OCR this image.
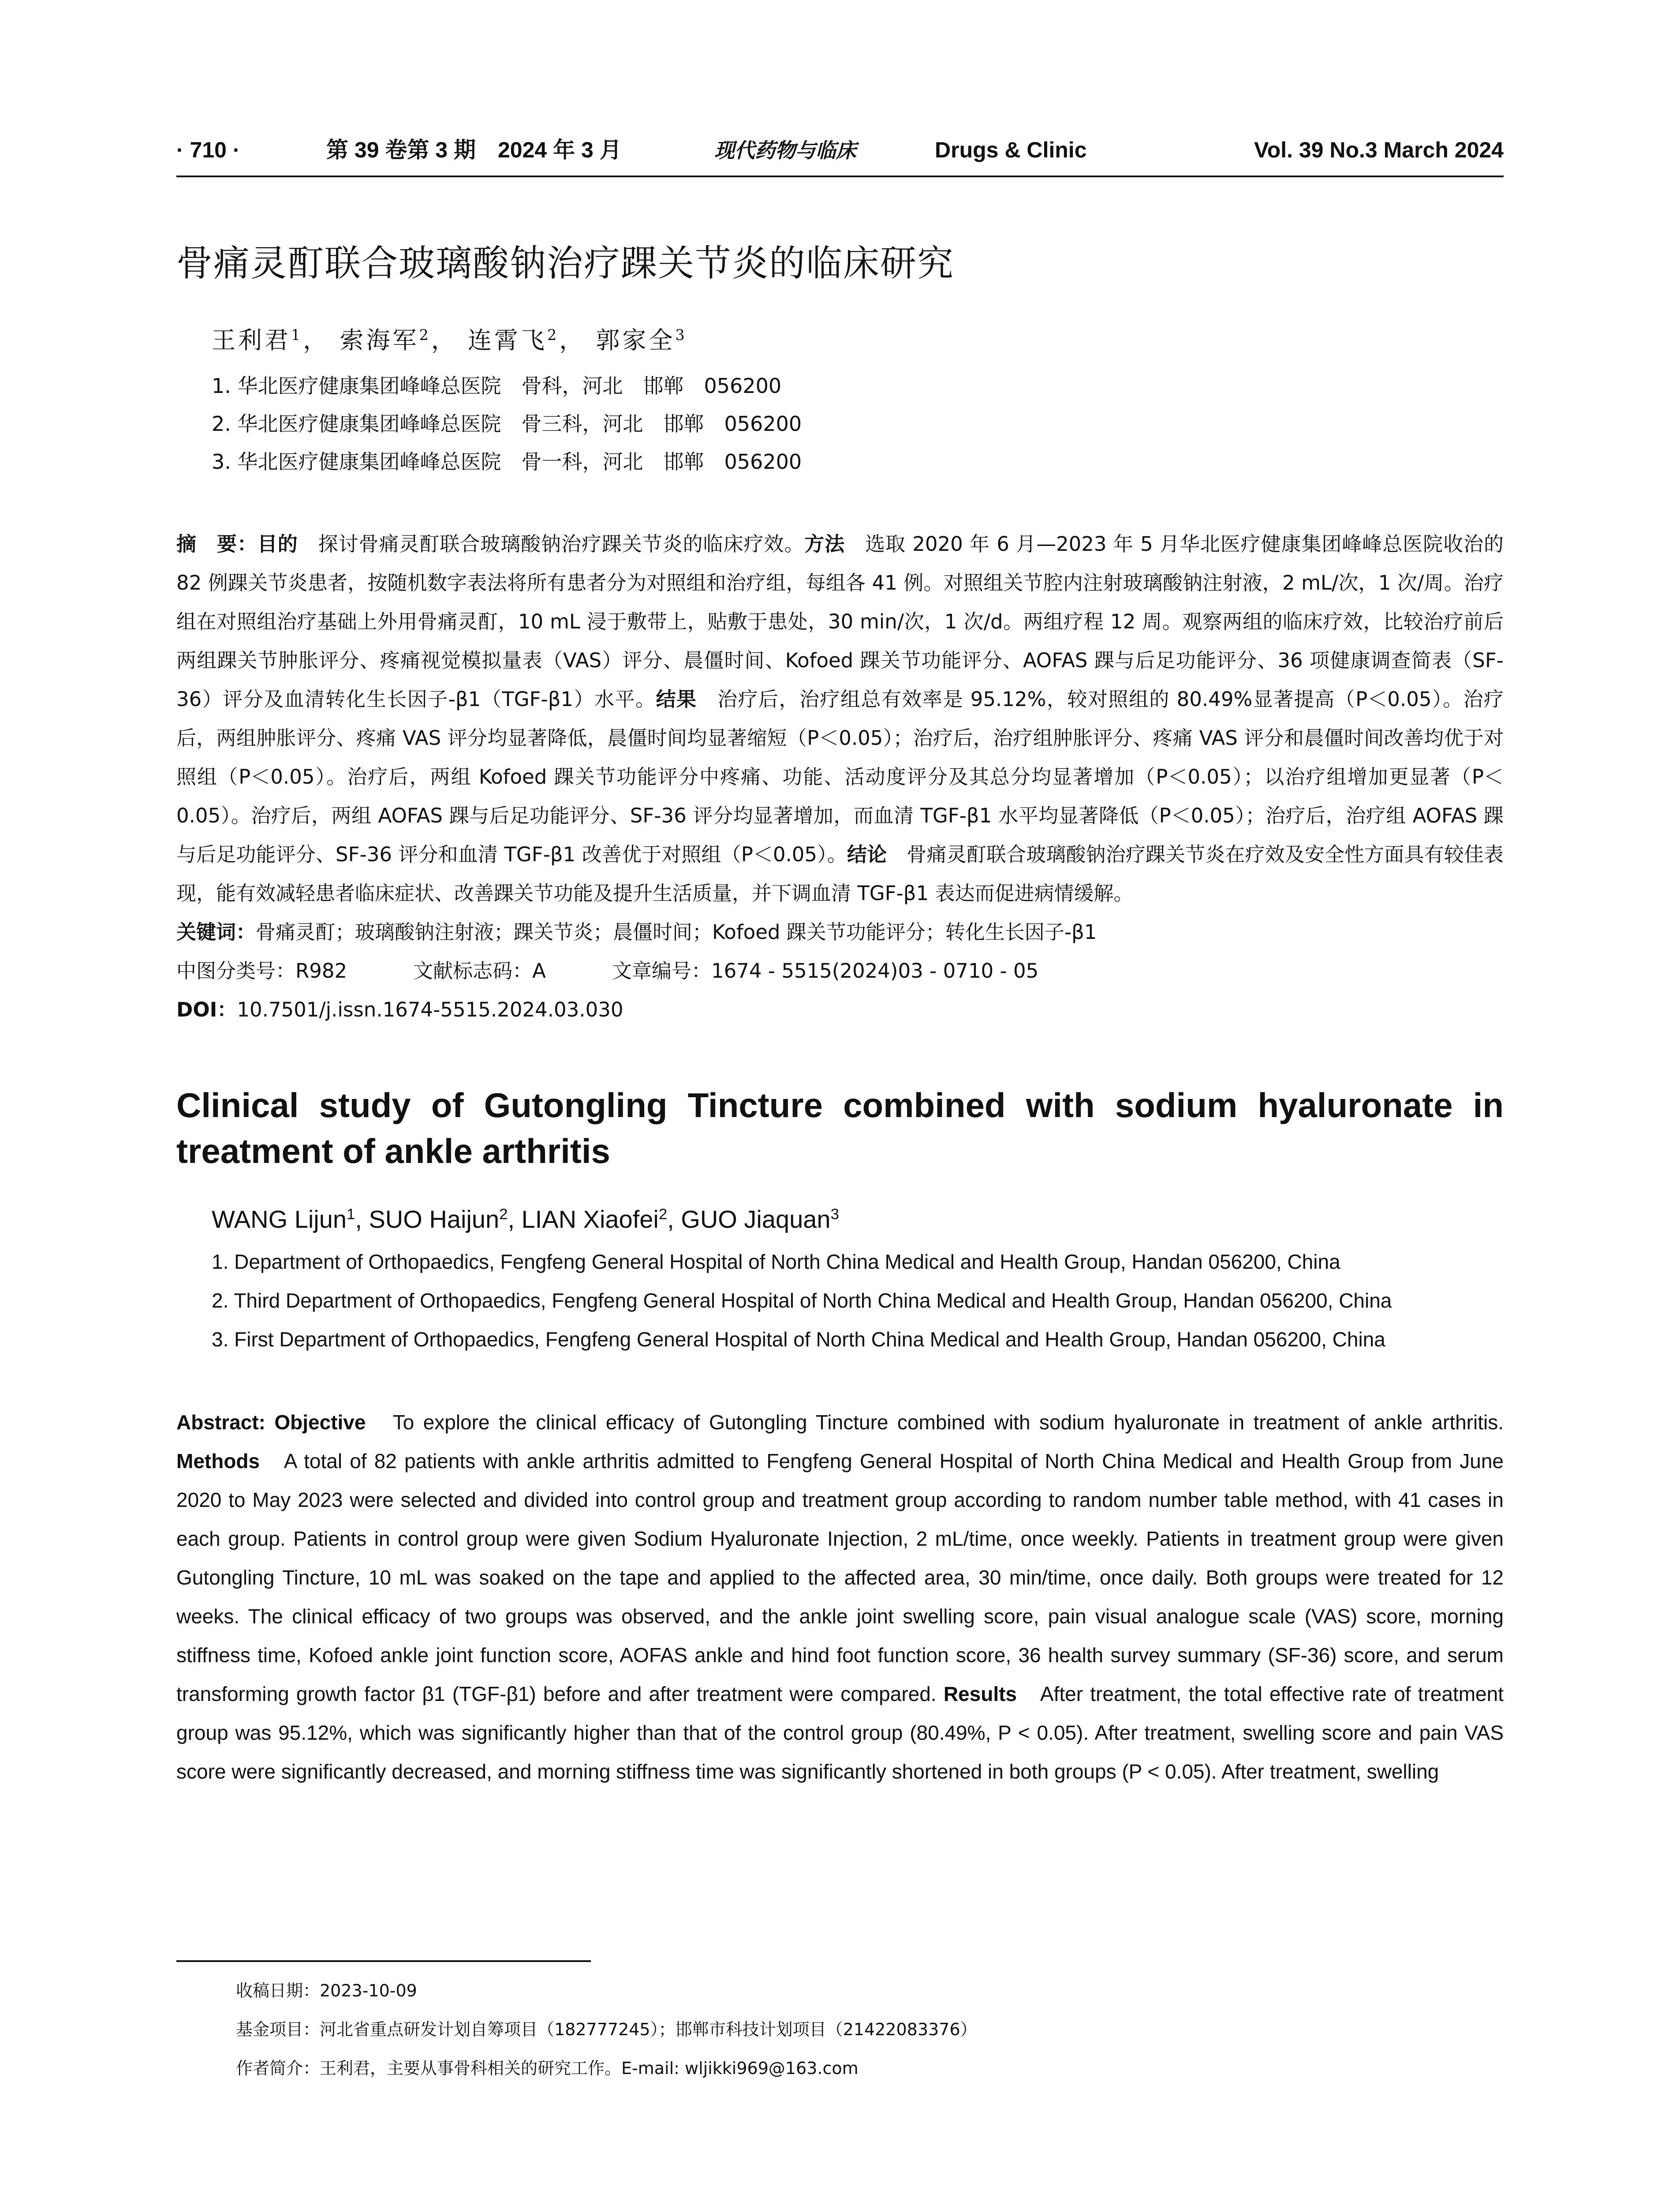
· 710 ·	第 39 卷第 3 期　2024 年 3 月	现代药物与临床	Drugs & Clinic	Vol. 39 No.3 March 2024
骨痛灵酊联合玻璃酸钠治疗踝关节炎的临床研究
王利君$^1$， 索海军$^2$， 连霄飞$^2$， 郭家全$^3$
1. 华北医疗健康集团峰峰总医院　骨科，河北　邯郸　056200
2. 华北医疗健康集团峰峰总医院　骨三科，河北　邯郸　056200
3. 华北医疗健康集团峰峰总医院　骨一科，河北　邯郸　056200
摘　要：目的　探讨骨痛灵酊联合玻璃酸钠治疗踝关节炎的临床疗效。方法　选取 2020 年 6 月—2023 年 5 月华北医疗健康集团峰峰总医院收治的 82 例踝关节炎患者，按随机数字表法将所有患者分为对照组和治疗组，每组各 41 例。对照组关节腔内注射玻璃酸钠注射液，2 mL/次，1 次/周。治疗组在对照组治疗基础上外用骨痛灵酊，10 mL 浸于敷带上，贴敷于患处，30 min/次，1 次/d。两组疗程 12 周。观察两组的临床疗效，比较治疗前后两组踝关节肿胀评分、疼痛视觉模拟量表（VAS）评分、晨僵时间、Kofoed 踝关节功能评分、AOFAS 踝与后足功能评分、36 项健康调查简表（SF-36）评分及血清转化生长因子-β1（TGF-β1）水平。结果　治疗后，治疗组总有效率是 95.12%，较对照组的 80.49%显著提高（P＜0.05）。治疗后，两组肿胀评分、疼痛 VAS 评分均显著降低，晨僵时间均显著缩短（P＜0.05）；治疗后，治疗组肿胀评分、疼痛 VAS 评分和晨僵时间改善均优于对照组（P＜0.05）。治疗后，两组 Kofoed 踝关节功能评分中疼痛、功能、活动度评分及其总分均显著增加（P＜0.05）；以治疗组增加更显著（P＜0.05）。治疗后，两组 AOFAS 踝与后足功能评分、SF-36 评分均显著增加，而血清 TGF-β1 水平均显著降低（P＜0.05）；治疗后，治疗组 AOFAS 踝与后足功能评分、SF-36 评分和血清 TGF-β1 改善优于对照组（P＜0.05）。结论　骨痛灵酊联合玻璃酸钠治疗踝关节炎在疗效及安全性方面具有较佳表现，能有效减轻患者临床症状、改善踝关节功能及提升生活质量，并下调血清 TGF-β1 表达而促进病情缓解。
关键词：骨痛灵酊；玻璃酸钠注射液；踝关节炎；晨僵时间；Kofoed 踝关节功能评分；转化生长因子-β1
中图分类号：R982	文献标志码：A	文章编号：1674 - 5515(2024)03 - 0710 - 05
DOI：10.7501/j.issn.1674-5515.2024.03.030
Clinical study of Gutongling Tincture combined with sodium hyaluronate in treatment of ankle arthritis
WANG Lijun$^1$, SUO Haijun$^2$, LIAN Xiaofei$^2$, GUO Jiaquan$^3$
1. Department of Orthopaedics, Fengfeng General Hospital of North China Medical and Health Group, Handan 056200, China
2. Third Department of Orthopaedics, Fengfeng General Hospital of North China Medical and Health Group, Handan 056200, China
3. First Department of Orthopaedics, Fengfeng General Hospital of North China Medical and Health Group, Handan 056200, China
Abstract: Objective　To explore the clinical efficacy of Gutongling Tincture combined with sodium hyaluronate in treatment of ankle arthritis. Methods　A total of 82 patients with ankle arthritis admitted to Fengfeng General Hospital of North China Medical and Health Group from June 2020 to May 2023 were selected and divided into control group and treatment group according to random number table method, with 41 cases in each group. Patients in control group were given Sodium Hyaluronate Injection, 2 mL/time, once weekly. Patients in treatment group were given Gutongling Tincture, 10 mL was soaked on the tape and applied to the affected area, 30 min/time, once daily. Both groups were treated for 12 weeks. The clinical efficacy of two groups was observed, and the ankle joint swelling score, pain visual analogue scale (VAS) score, morning stiffness time, Kofoed ankle joint function score, AOFAS ankle and hind foot function score, 36 health survey summary (SF-36) score, and serum transforming growth factor β1 (TGF-β1) before and after treatment were compared. Results　After treatment, the total effective rate of treatment group was 95.12%, which was significantly higher than that of the control group (80.49%, P < 0.05). After treatment, swelling score and pain VAS score were significantly decreased, and morning stiffness time was significantly shortened in both groups (P < 0.05). After treatment, swelling
收稿日期：2023-10-09
基金项目：河北省重点研发计划自筹项目（182777245）；邯郸市科技计划项目（21422083376）
作者简介：王利君，主要从事骨科相关的研究工作。E-mail: wljikki969@163.com
